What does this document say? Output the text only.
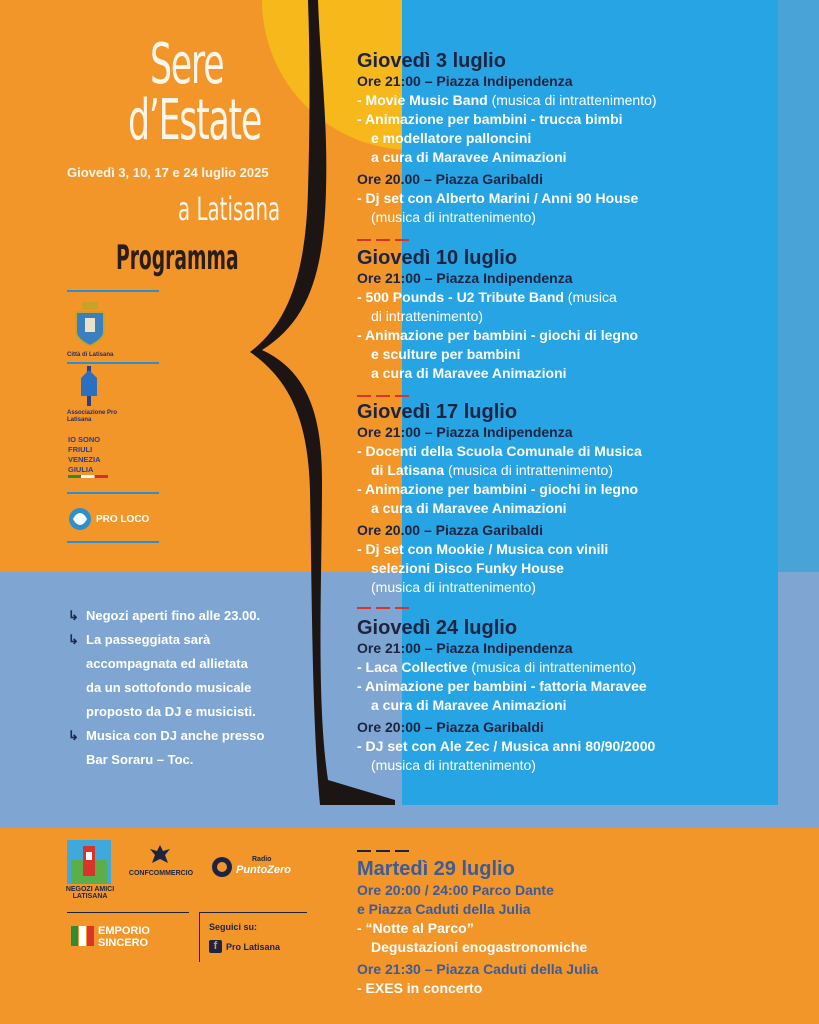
Sere
d’Estate
Giovedì 3, 10, 17 e 24 luglio 2025
a Latisana
Programma
Città di Latisana
Associazione Pro Latisana
IO SONO
FRIULI
VENEZIA
GIULIA
PRO LOCO
↳ Negozi aperti fino alle 23.00.
↳ La passeggiata sarà
accompagnata ed allietata
da un sottofondo musicale
proposto da DJ e musicisti.
↳ Musica con DJ anche presso
Bar Soraru – Toc.
Giovedì 3 luglio
Ore 21:00 – Piazza Indipendenza
- Movie Music Band (musica di intrattenimento)
- Animazione per bambini - trucca bimbi
e modellatore palloncini
a cura di Maravee Animazioni
Ore 20.00 – Piazza Garibaldi
- Dj set con Alberto Marini / Anni 90 House
(musica di intrattenimento)
Giovedì 10 luglio
Ore 21:00 – Piazza Indipendenza
- 500 Pounds - U2 Tribute Band (musica
di intrattenimento)
- Animazione per bambini - giochi di legno
e sculture per bambini
a cura di Maravee Animazioni
Giovedì 17 luglio
Ore 21:00 – Piazza Indipendenza
- Docenti della Scuola Comunale di Musica
di Latisana (musica di intrattenimento)
- Animazione per bambini - giochi in legno
a cura di Maravee Animazioni
Ore 20.00 – Piazza Garibaldi
- Dj set con Mookie / Musica con vinili
selezioni Disco Funky House
(musica di intrattenimento)
Giovedì 24 luglio
Ore 21:00 – Piazza Indipendenza
- Laca Collective (musica di intrattenimento)
- Animazione per bambini - fattoria Maravee
a cura di Maravee Animazioni
Ore 20:00 – Piazza Garibaldi
- DJ set con Ale Zec / Musica anni 80/90/2000
(musica di intrattenimento)
NEGOZI AMICI LATISANA
CONFCOMMERCIO
Radio
PuntoZero
EMPORIO SINCERO
Seguici su:
f Pro Latisana
Martedì 29 luglio
Ore 20:00 / 24:00 Parco Dante
e Piazza Caduti della Julia
- “Notte al Parco”
Degustazioni enogastronomiche
Ore 21:30 – Piazza Caduti della Julia
- EXES in concerto
